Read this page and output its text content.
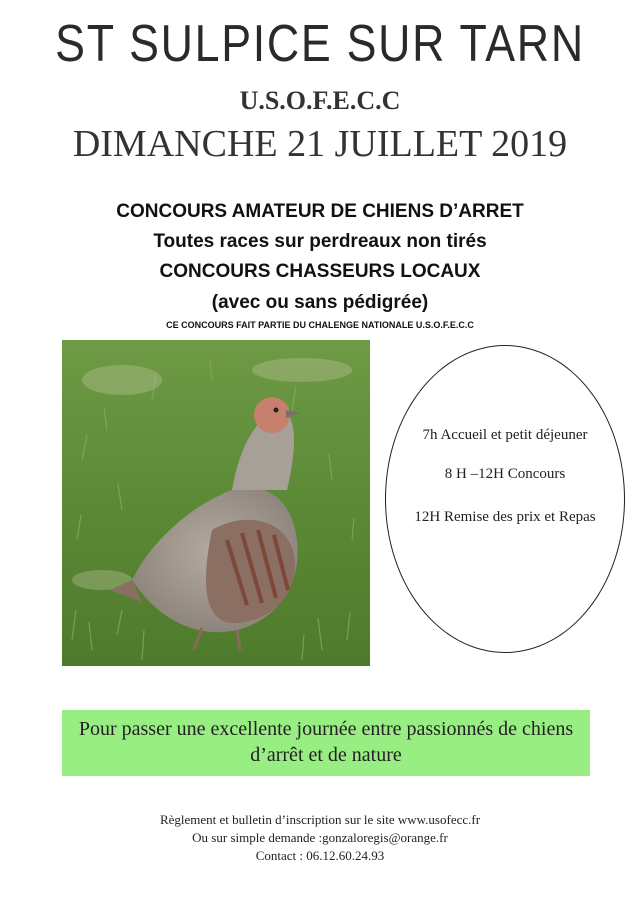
ST SULPICE SUR TARN
U.S.O.F.E.C.C
DIMANCHE 21 JUILLET 2019
CONCOURS AMATEUR DE CHIENS D’ARRET
Toutes races sur perdreaux non tirés
CONCOURS CHASSEURS LOCAUX
(avec ou sans pédigrée)
CE CONCOURS FAIT PARTIE DU CHALENGE NATIONALE U.S.O.F.E.C.C
7h Accueil et petit déjeuner
8 H –12H Concours
12H Remise des prix et Repas
Pour passer une excellente journée entre passionnés de chiens d’arrêt et de nature
Règlement et bulletin d’inscription sur le site www.usofecc.fr
Ou sur simple demande :gonzaloregis@orange.fr
Contact : 06.12.60.24.93
